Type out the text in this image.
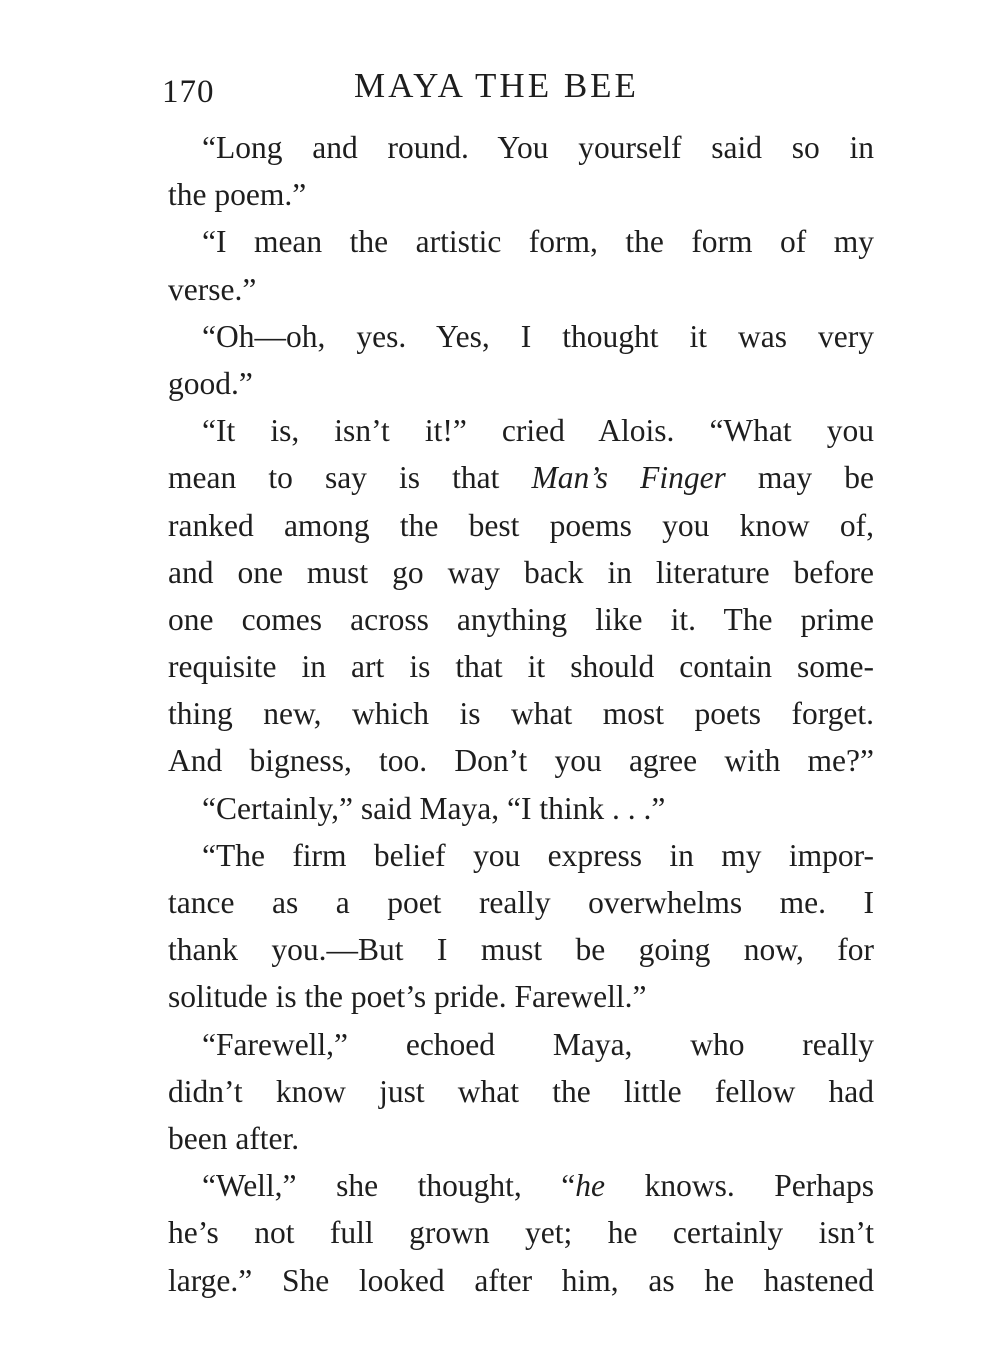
170	MAYA THE BEE
“Long and round. You yourself said so in
the poem.”
“I mean the artistic form, the form of my
verse.”
“Oh—oh, yes. Yes, I thought it was very
good.”
“It is, isn’t it!” cried Alois. “What you
mean to say is that Man’s Finger may be
ranked among the best poems you know of,
and one must go way back in literature before
one comes across anything like it. The prime
requisite in art is that it should contain some-
thing new, which is what most poets forget.
And bigness, too. Don’t you agree with me?”
“Certainly,” said Maya, “I think . . .”
“The firm belief you express in my impor-
tance as a poet really overwhelms me. I
thank you.—But I must be going now, for
solitude is the poet’s pride. Farewell.”
“Farewell,” echoed Maya, who really
didn’t know just what the little fellow had
been after.
“Well,” she thought, “he knows. Perhaps
he’s not full grown yet; he certainly isn’t
large.” She looked after him, as he hastened
